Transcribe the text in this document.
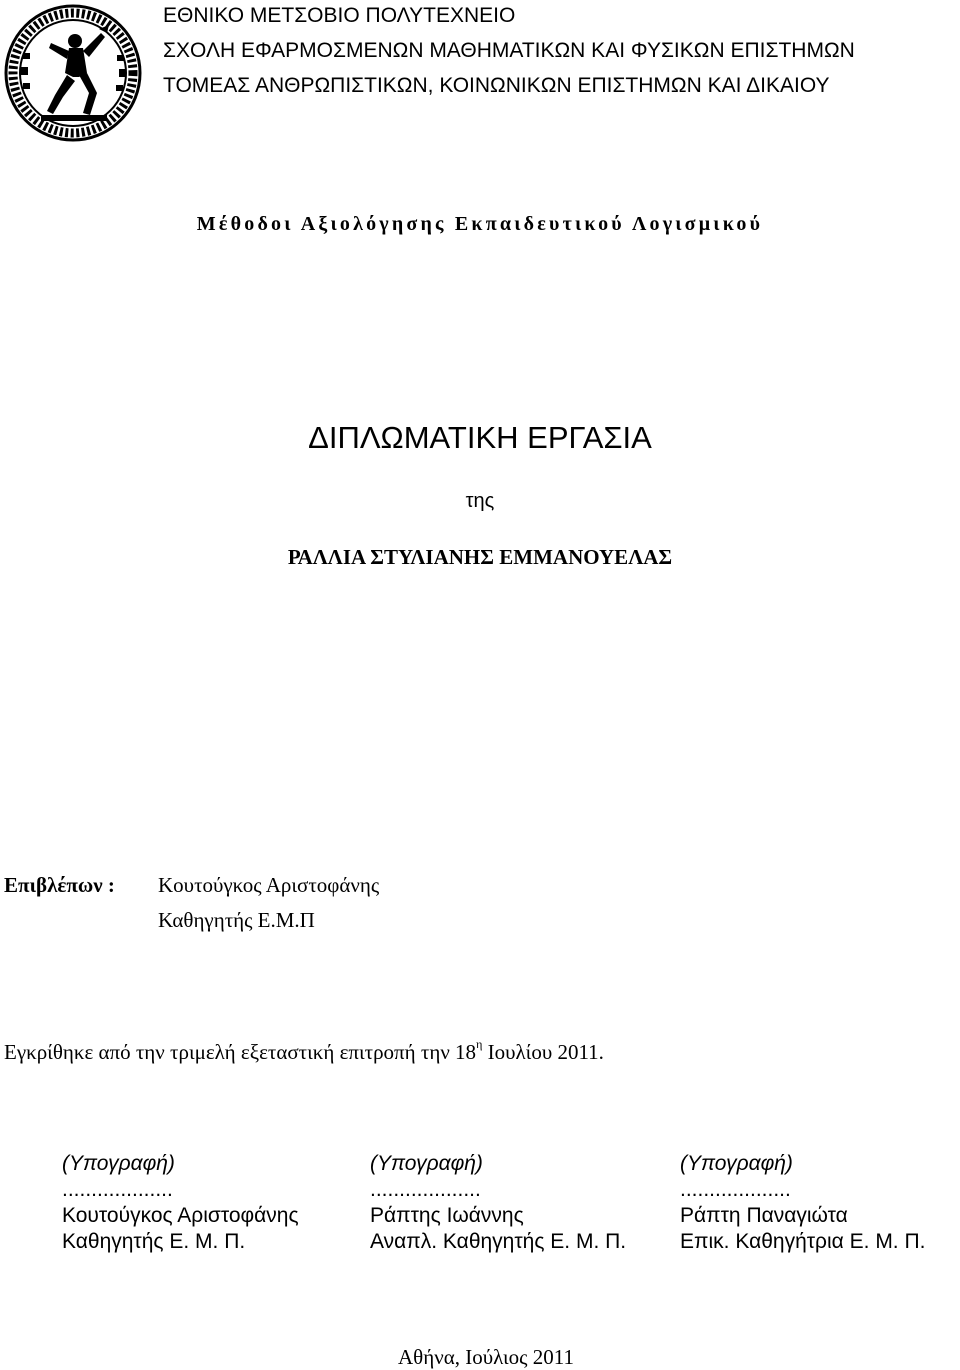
ΕΘΝΙΚΟ ΜΕΤΣΟΒΙΟ ΠΟΛΥΤΕΧΝΕΙΟ
ΣΧΟΛΗ ΕΦΑΡΜΟΣΜΕΝΩΝ ΜΑΘΗΜΑΤΙΚΩΝ ΚΑΙ ΦΥΣΙΚΩΝ ΕΠΙΣΤΗΜΩΝ
ΤΟΜΕΑΣ ΑΝΘΡΩΠΙΣΤΙΚΩΝ, ΚΟΙΝΩΝΙΚΩΝ ΕΠΙΣΤΗΜΩΝ ΚΑΙ ΔΙΚΑΙΟΥ
Μέθοδοι Αξιολόγησης Εκπαιδευτικού Λογισμικού
ΔΙΠΛΩΜΑΤΙΚΗ ΕΡΓΑΣΙΑ
της
ΡΑΛΛΙΑ ΣΤΥΛΙΑΝΗΣ ΕΜΜΑΝΟΥΕΛΑΣ
Επιβλέπων : Κουτούγκος Αριστοφάνης
Καθηγητής Ε.Μ.Π
Εγκρίθηκε από την τριμελή εξεταστική επιτροπή την $18^\eta$ Ιουλίου 2011.
(Υπογραφή)
...................
Κουτούγκος Αριστοφάνης
Καθηγητής Ε. Μ. Π.
(Υπογραφή)
...................
Ράπτης Ιωάννης
Αναπλ. Καθηγητής Ε. Μ. Π.
(Υπογραφή)
...................
Ράπτη Παναγιώτα
Επικ. Καθηγήτρια Ε. Μ. Π.
Αθήνα, Ιούλιος 2011
